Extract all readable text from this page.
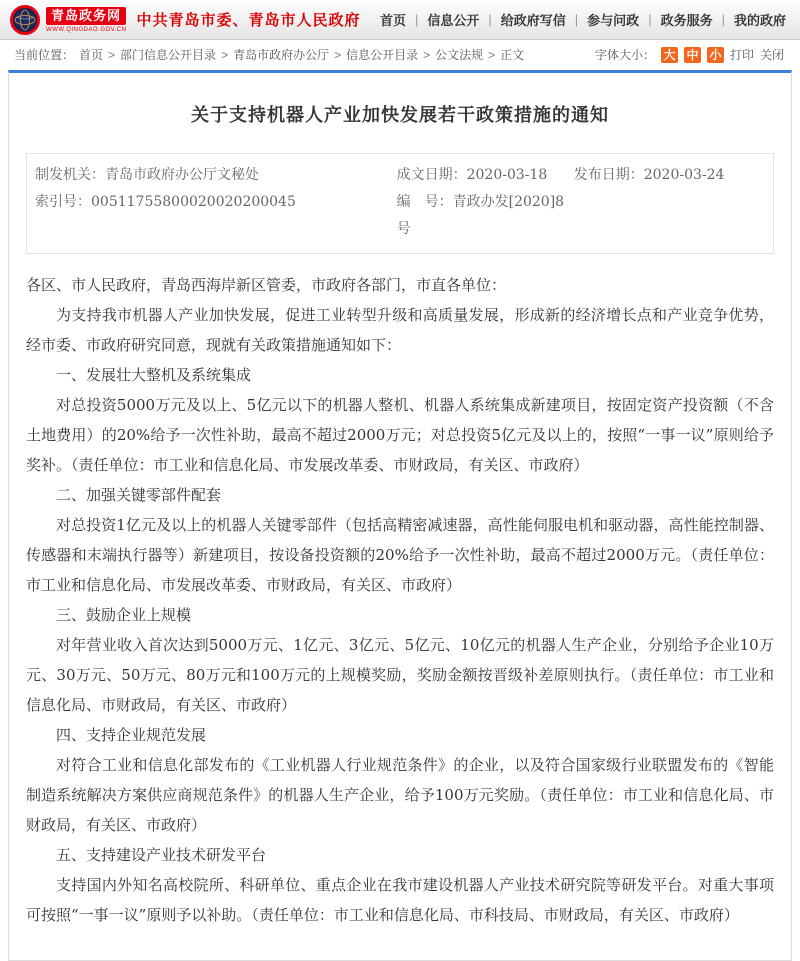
青岛政务网
WWW.QINGDAO.GOV.CN
中共青岛市委、青岛市人民政府 首页 | 信息公开 | 给政府写信 | 参与问政 | 政务服务 | 我的政府
当前位置： 首页 > 部门信息公开目录 > 青岛市政府办公厅 > 信息公开目录 > 公文法规 > 正文	字体大小： 大 中 小 打印 关闭
关于支持机器人产业加快发展若干政策措施的通知
制发机关：青岛市政府办公厅文秘处	成文日期：2020-03-18	发布日期：2020-03-24
索引号：00511755800020020200045	编　号：青政办发[2020]8号

各区、市人民政府，青岛西海岸新区管委，市政府各部门，市直各单位：

为支持我市机器人产业加快发展，促进工业转型升级和高质量发展，形成新的经济增长点和产业竞争优势，经市委、市政府研究同意，现就有关政策措施通知如下：

一、发展壮大整机及系统集成

对总投资5000万元及以上、5亿元以下的机器人整机、机器人系统集成新建项目，按固定资产投资额（不含土地费用）的20%给予一次性补助，最高不超过2000万元；对总投资5亿元及以上的，按照“一事一议”原则给予奖补。（责任单位：市工业和信息化局、市发展改革委、市财政局，有关区、市政府）

二、加强关键零部件配套

对总投资1亿元及以上的机器人关键零部件（包括高精密减速器，高性能伺服电机和驱动器，高性能控制器、传感器和末端执行器等）新建项目，按设备投资额的20%给予一次性补助，最高不超过2000万元。（责任单位：市工业和信息化局、市发展改革委、市财政局，有关区、市政府）

三、鼓励企业上规模

对年营业收入首次达到5000万元、1亿元、3亿元、5亿元、10亿元的机器人生产企业，分别给予企业10万元、30万元、50万元、80万元和100万元的上规模奖励，奖励金额按晋级补差原则执行。（责任单位：市工业和信息化局、市财政局，有关区、市政府）

四、支持企业规范发展

对符合工业和信息化部发布的《工业机器人行业规范条件》的企业，以及符合国家级行业联盟发布的《智能制造系统解决方案供应商规范条件》的机器人生产企业，给予100万元奖励。（责任单位：市工业和信息化局、市财政局，有关区、市政府）

五、支持建设产业技术研发平台

支持国内外知名高校院所、科研单位、重点企业在我市建设机器人产业技术研究院等研发平台。对重大事项可按照“一事一议”原则予以补助。（责任单位：市工业和信息化局、市科技局、市财政局，有关区、市政府）
